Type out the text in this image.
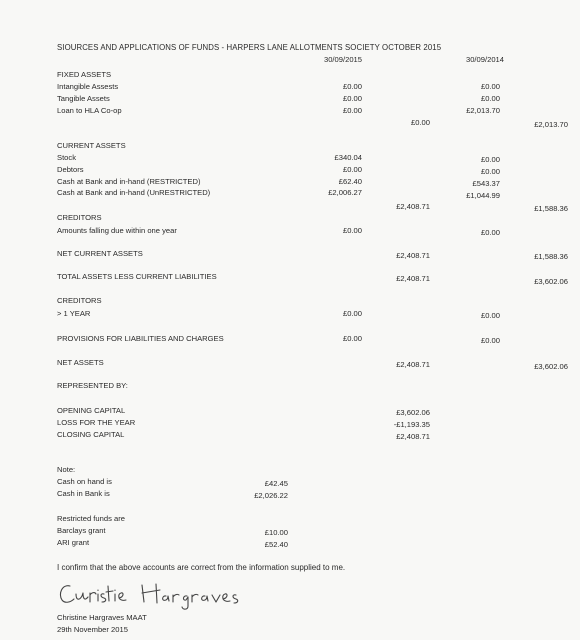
SIOURCES AND APPLICATIONS OF FUNDS - HARPERS LANE ALLOTMENTS SOCIETY OCTOBER 2015
30/09/2015	30/09/2014
FIXED ASSETS
Intangible Assests	£0.00	£0.00
Tangible Assets	£0.00	£0.00
Loan to HLA Co-op	£0.00	£2,013.70
£0.00	£2,013.70
CURRENT ASSETS
Stock	£340.04	£0.00
Debtors	£0.00	£0.00
Cash at Bank and in-hand (RESTRICTED)	£62.40	£543.37
Cash at Bank and in-hand (UnRESTRICTED)	£2,006.27	£1,044.99
£2,408.71	£1,588.36
CREDITORS
Amounts falling due within one year	£0.00	£0.00
NET CURRENT ASSETS	£2,408.71	£1,588.36
TOTAL ASSETS LESS CURRENT LIABILITIES	£2,408.71	£3,602.06
CREDITORS
> 1 YEAR	£0.00	£0.00
PROVISIONS FOR LIABILITIES AND CHARGES	£0.00	£0.00
NET ASSETS	£2,408.71	£3,602.06
REPRESENTED BY:
OPENING CAPITAL	£3,602.06
LOSS FOR THE YEAR	-£1,193.35
CLOSING CAPITAL	£2,408.71
Note:
Cash on hand is	£42.45
Cash in Bank is	£2,026.22
Restricted funds are
Barclays grant	£10.00
ARI grant	£52.40
I confirm that the above accounts are correct from the information supplied to me.
Christine Hargraves MAAT
29th November 2015
